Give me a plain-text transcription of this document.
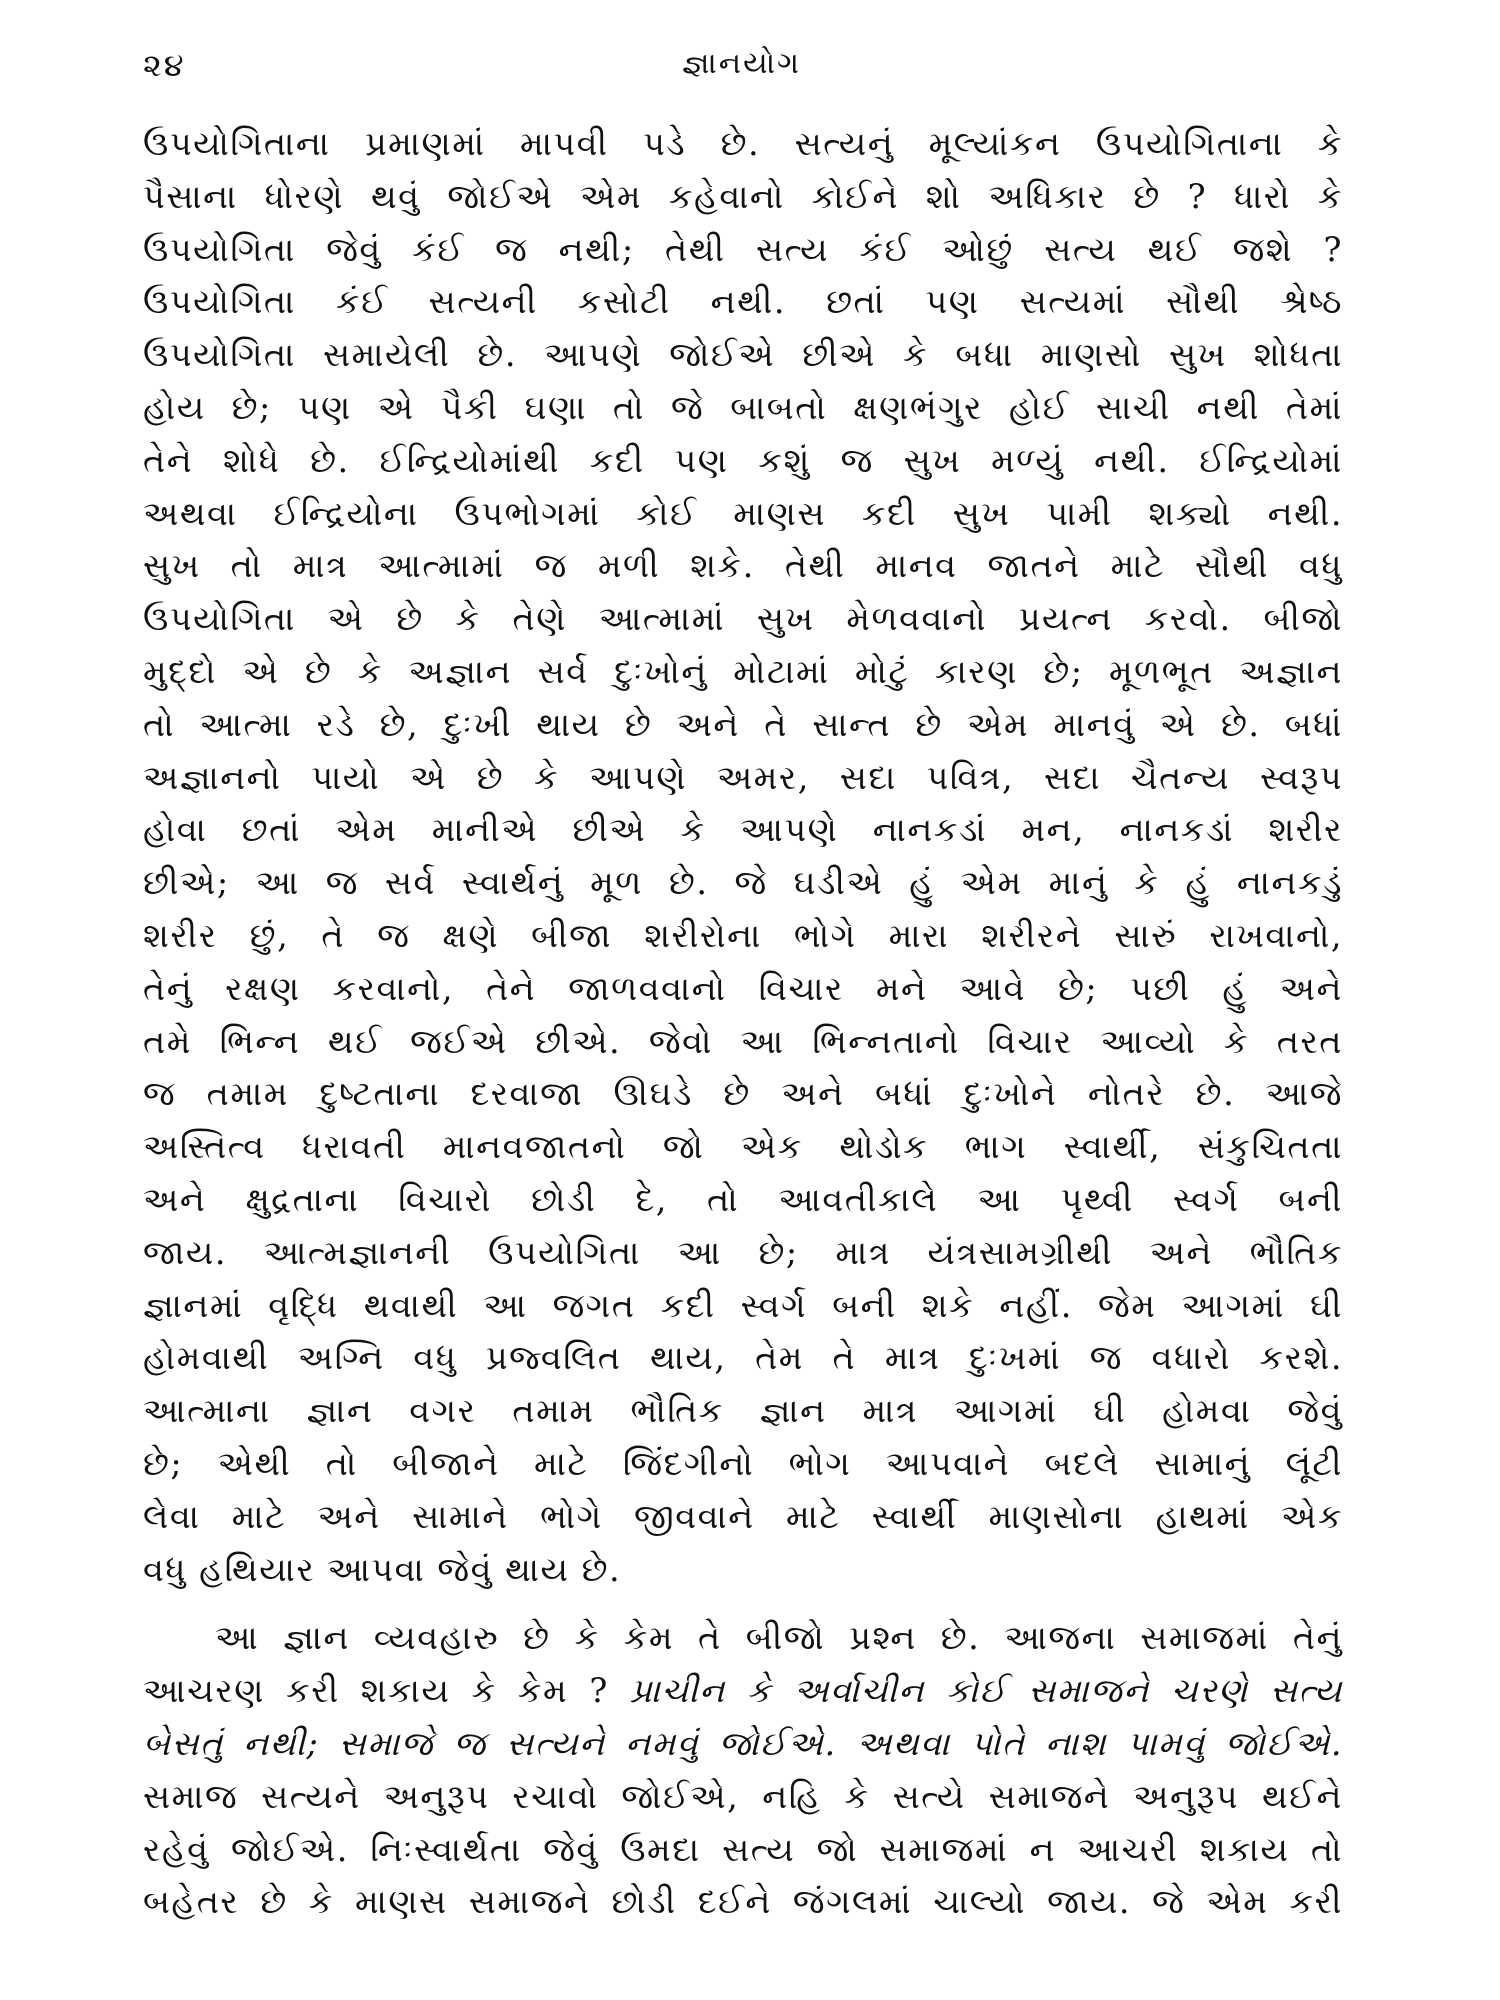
૨૪	જ્ઞાનયોગ
ઉપયોગિતાના પ્રમાણમાં માપવી પડે છે. સત્યનું મૂલ્યાંકન ઉપયોગિતાના કે
પૈસાના ધોરણે થવું જોઈએ એમ કહેવાનો કોઈને શો અધિકાર છે ? ધારો કે
ઉપયોગિતા જેવું કંઈ જ નથી; તેથી સત્ય કંઈ ઓછું સત્ય થઈ જશે ?
ઉપયોગિતા કંઈ સત્યની કસોટી નથી. છતાં પણ સત્યમાં સૌથી શ્રેષ્ઠ
ઉપયોગિતા સમાયેલી છે. આપણે જોઈએ છીએ કે બધા માણસો સુખ શોધતા
હોય છે; પણ એ પૈકી ઘણા તો જે બાબતો ક્ષણભંગુર હોઈ સાચી નથી તેમાં
તેને શોધે છે. ઈન્દ્રિયોમાંથી કદી પણ કશું જ સુખ મળ્યું નથી. ઈન્દ્રિયોમાં
અથવા ઈન્દ્રિયોના ઉપભોગમાં કોઈ માણસ કદી સુખ પામી શક્યો નથી.
સુખ તો માત્ર આત્મામાં જ મળી શકે. તેથી માનવ જાતને માટે સૌથી વધુ
ઉપયોગિતા એ છે કે તેણે આત્મામાં સુખ મેળવવાનો પ્રયત્ન કરવો. બીજો
મુદ્દો એ છે કે અજ્ઞાન સર્વ દુઃખોનું મોટામાં મોટું કારણ છે; મૂળભૂત અજ્ઞાન
તો આત્મા રડે છે, દુઃખી થાય છે અને તે સાન્ત છે એમ માનવું એ છે. બધાં
અજ્ઞાનનો પાયો એ છે કે આપણે અમર, સદા પવિત્ર, સદા ચૈતન્ય સ્વરૂપ
હોવા છતાં એમ માનીએ છીએ કે આપણે નાનકડાં મન, નાનકડાં શરીર
છીએ; આ જ સર્વ સ્વાર્થનું મૂળ છે. જે ઘડીએ હું એમ માનું કે હું નાનકડું
શરીર છું, તે જ ક્ષણે બીજા શરીરોના ભોગે મારા શરીરને સારું રાખવાનો,
તેનું રક્ષણ કરવાનો, તેને જાળવવાનો વિચાર મને આવે છે; પછી હું અને
તમે ભિન્ન થઈ જઈએ છીએ. જેવો આ ભિન્નતાનો વિચાર આવ્યો કે તરત
જ તમામ દુષ્ટતાના દરવાજા ઊઘડે છે અને બધાં દુઃખોને નોતરે છે. આજે
અસ્તિત્વ ધરાવતી માનવજાતનો જો એક થોડોક ભાગ સ્વાર્થી, સંકુચિતતા
અને ક્ષુદ્રતાના વિચારો છોડી દે, તો આવતીકાલે આ પૃથ્વી સ્વર્ગ બની
જાય. આત્મજ્ઞાનની ઉપયોગિતા આ છે; માત્ર યંત્રસામગ્રીથી અને ભૌતિક
જ્ઞાનમાં વૃદ્ધિ થવાથી આ જગત કદી સ્વર્ગ બની શકે નહીં. જેમ આગમાં ઘી
હોમવાથી અગ્નિ વધુ પ્રજ્વલિત થાય, તેમ તે માત્ર દુઃખમાં જ વધારો કરશે.
આત્માના જ્ઞાન વગર તમામ ભૌતિક જ્ઞાન માત્ર આગમાં ઘી હોમવા જેવું
છે; એથી તો બીજાને માટે જિંદગીનો ભોગ આપવાને બદલે સામાનું લૂંટી
લેવા માટે અને સામાને ભોગે જીવવાને માટે સ્વાર્થી માણસોના હાથમાં એક
વધુ હથિયાર આપવા જેવું થાય છે.
આ જ્ઞાન વ્યવહારુ છે કે કેમ તે બીજો પ્રશ્ન છે. આજના સમાજમાં તેનું
આચરણ કરી શકાય કે કેમ ? પ્રાચીન કે અર્વાચીન કોઈ સમાજને ચરણે સત્ય
બેસતું નથી; સમાજે જ સત્યને નમવું જોઈએ. અથવા પોતે નાશ પામવું જોઈએ.
સમાજ સત્યને અનુરૂપ રચાવો જોઈએ, નહિ કે સત્યે સમાજને અનુરૂપ થઈને
રહેવું જોઈએ. નિઃસ્વાર્થતા જેવું ઉમદા સત્ય જો સમાજમાં ન આચરી શકાય તો
બહેતર છે કે માણસ સમાજને છોડી દઈને જંગલમાં ચાલ્યો જાય. જે એમ કરી
